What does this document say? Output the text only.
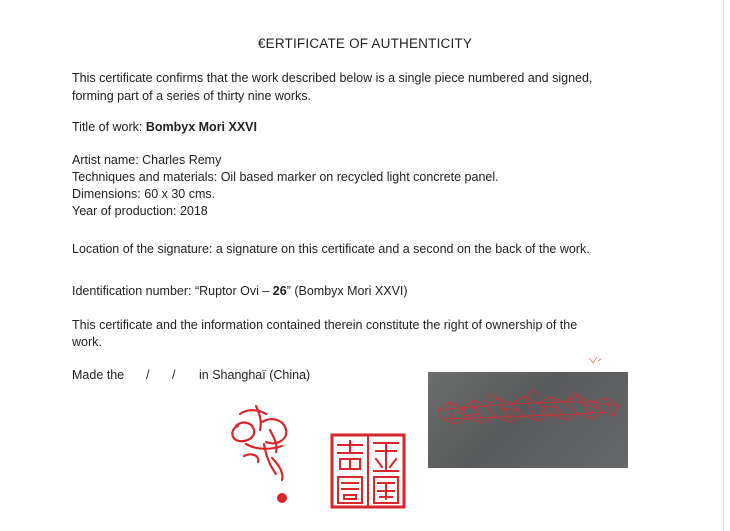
€ERTIFICATE OF AUTHENTICITY

This certificate confirms that the work described below is a single piece numbered and signed,

forming part of a series of thirty nine works.

Title of work: Bombyx Mori XXVI

Artist name: Charles Remy

Techniques and materials: Oil based marker on recycled light concrete panel.

Dimensions: 60 x 30 cms.

Year of production: 2018

Location of the signature: a signature on this certificate and a second on the back of the work.

Identification number: “Ruptor Ovi – 26” (Bombyx Mori XXVI)

This certificate and the information contained therein constitute the right of ownership of the

work.

Made the / / in Shanghaï (China)
